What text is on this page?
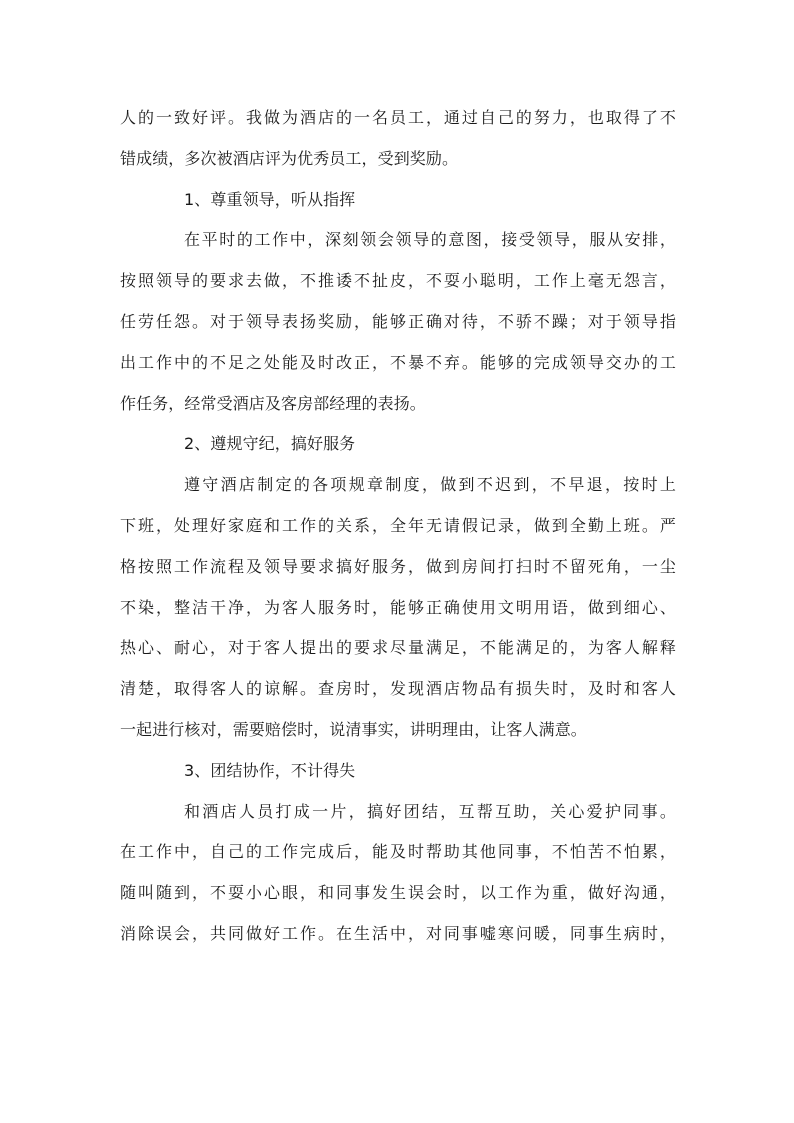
人的一致好评。我做为酒店的一名员工，通过自己的努力，也取得了不
错成绩，多次被酒店评为优秀员工，受到奖励。
1、尊重领导，听从指挥
在平时的工作中，深刻领会领导的意图，接受领导，服从安排，
按照领导的要求去做，不推诿不扯皮，不耍小聪明，工作上毫无怨言，
任劳任怨。对于领导表扬奖励，能够正确对待，不骄不躁；对于领导指
出工作中的不足之处能及时改正，不暴不弃。能够的完成领导交办的工
作任务，经常受酒店及客房部经理的表扬。
2、遵规守纪，搞好服务
遵守酒店制定的各项规章制度，做到不迟到，不早退，按时上
下班，处理好家庭和工作的关系，全年无请假记录，做到全勤上班。严
格按照工作流程及领导要求搞好服务，做到房间打扫时不留死角，一尘
不染，整洁干净，为客人服务时，能够正确使用文明用语，做到细心、
热心、耐心，对于客人提出的要求尽量满足，不能满足的，为客人解释
清楚，取得客人的谅解。查房时，发现酒店物品有损失时，及时和客人
一起进行核对，需要赔偿时，说清事实，讲明理由，让客人满意。
3、团结协作，不计得失
和酒店人员打成一片，搞好团结，互帮互助，关心爱护同事。
在工作中，自己的工作完成后，能及时帮助其他同事，不怕苦不怕累，
随叫随到，不耍小心眼，和同事发生误会时，以工作为重，做好沟通，
消除误会，共同做好工作。在生活中，对同事嘘寒问暖，同事生病时，
